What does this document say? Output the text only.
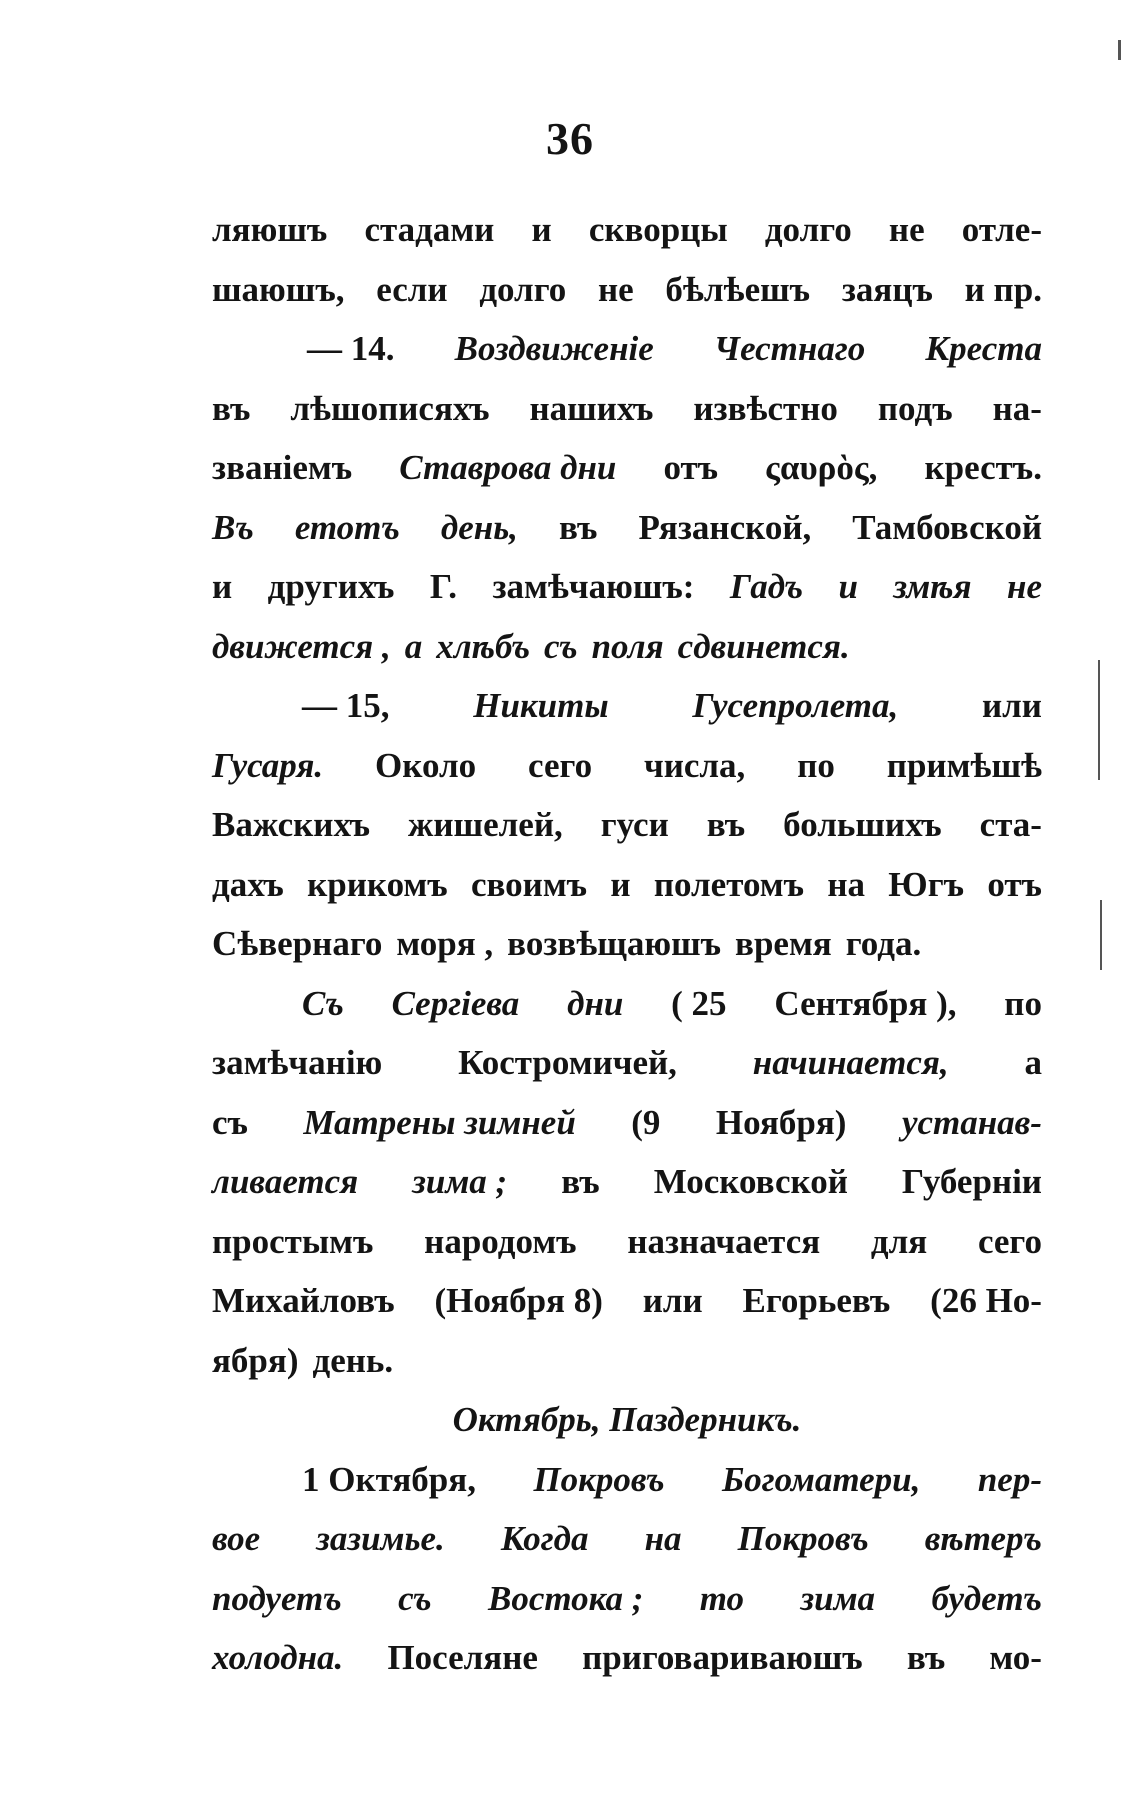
36
ляюшъ стадами и скворцы долго не отле-
шаюшъ, если долго не бѣлѣешъ заяцъ и пр.
— 14. Воздвиженіе Честнаго Креста
въ лѣшописяхъ нашихъ извѣстно подъ на-
званіемъ Ставрова дни отъ ςαυρὸς, крестъ.
Въ етотъ день, въ Рязанской, Тамбовской
и другихъ Г. замѣчаюшъ: Гадъ и змѣя не
движется , а хлѣбъ съ поля сдвинется.
— 15, Никиты Гусепролета, или
Гусаря. Около сего числа, по примѣшѣ
Важскихъ жишелей, гуси въ большихъ ста-
дахъ крикомъ своимъ и полетомъ на Югъ отъ
Сѣвернаго моря , возвѣщаюшъ время года.
Съ Сергіева дни ( 25 Сентября ), по
замѣчанію Костромичей, начинается, а
съ Матрены зимней (9 Ноября) устанав-
ливается зима ; въ Московской Губерніи
простымъ народомъ назначается для сего
Михайловъ (Ноября 8) или Егорьевъ (26 Но-
ября) день.
Октябрь, Паздерникъ.
1 Октября, Покровъ Богоматери, пер-
вое зазимье. Когда на Покровъ вѣтеръ
подуетъ съ Востока ; то зима будетъ
холодна. Поселяне приговариваюшъ въ мо-
